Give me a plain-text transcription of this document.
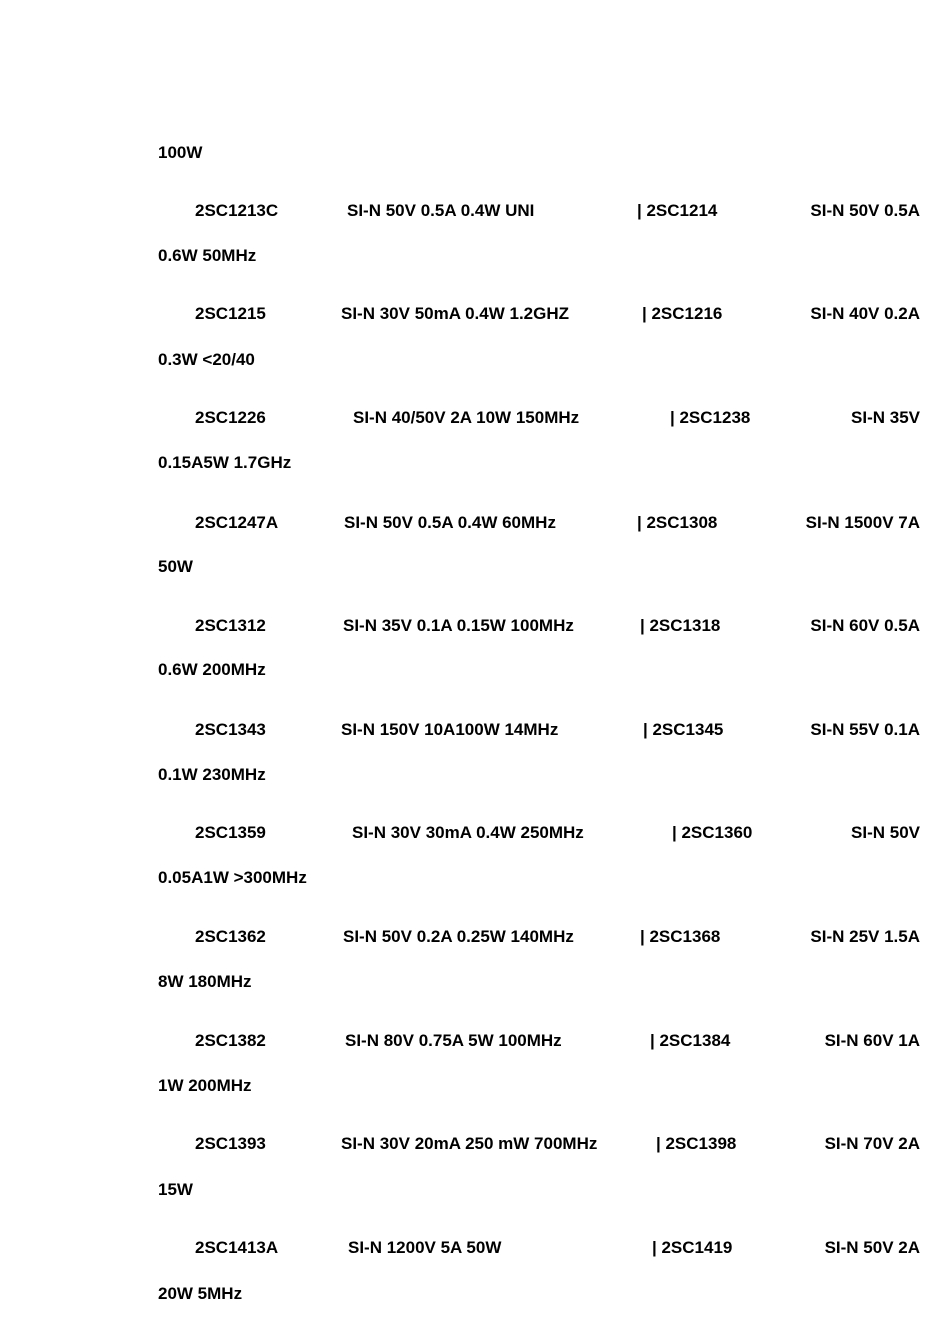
100W
2SC1213C	SI-N 50V 0.5A 0.4W UNI	| 2SC1214	SI-N 50V 0.5A
0.6W 50MHz
2SC1215	SI-N 30V 50mA 0.4W 1.2GHZ	| 2SC1216	SI-N 40V 0.2A
0.3W <20/40
2SC1226	SI-N 40/50V 2A 10W 150MHz	| 2SC1238	SI-N 35V
0.15A5W 1.7GHz
2SC1247A	SI-N 50V 0.5A 0.4W 60MHz	| 2SC1308	SI-N 1500V 7A
50W
2SC1312	SI-N 35V 0.1A 0.15W 100MHz	| 2SC1318	SI-N 60V 0.5A
0.6W 200MHz
2SC1343	SI-N 150V 10A100W 14MHz	| 2SC1345	SI-N 55V 0.1A
0.1W 230MHz
2SC1359	SI-N 30V 30mA 0.4W 250MHz	| 2SC1360	SI-N 50V
0.05A1W >300MHz
2SC1362	SI-N 50V 0.2A 0.25W 140MHz	| 2SC1368	SI-N 25V 1.5A
8W 180MHz
2SC1382	SI-N 80V 0.75A 5W 100MHz	| 2SC1384	SI-N 60V 1A
1W 200MHz
2SC1393	SI-N 30V 20mA 250 mW 700MHz	| 2SC1398	SI-N 70V 2A
15W
2SC1413A	SI-N 1200V 5A 50W	| 2SC1419	SI-N 50V 2A
20W 5MHz
